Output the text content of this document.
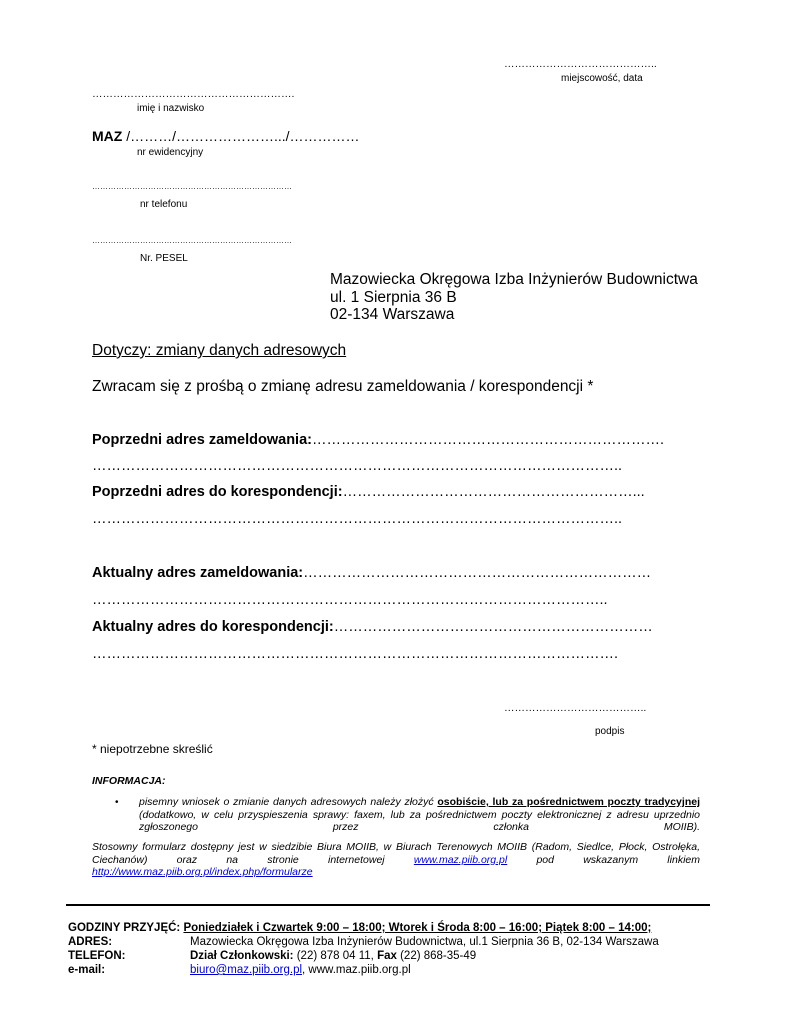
……………………………………..
miejscowość, data
………………………………………………….
imię i nazwisko
MAZ /………/………………….../……………
nr ewidencyjny
…………………………………………………………………
nr telefonu
…………………………………………………………………
Nr. PESEL
Mazowiecka Okręgowa Izba Inżynierów Budownictwa
ul. 1 Sierpnia 36 B
02-134 Warszawa
Dotyczy: zmiany danych adresowych
Zwracam się z prośbą o zmianę adresu zameldowania / korespondencji *
Poprzedni adres zameldowania:……………………………………………………………….
………………………………………………………………………………………………..
Poprzedni adres do korespondencji:……………………………………………………...
………………………………………………………………………………………………..
Aktualny adres zameldowania:………………………………………………………………
……………………………………………………………………………………………..
Aktualny adres do korespondencji:…………………………………………………………
……………………………………………………………………………………………….
…………………………………..
podpis
* niepotrzebne skreślić
INFORMACJA:
• pisemny wniosek o zmianie danych adresowych należy złożyć osobiście, lub za pośrednictwem poczty tradycyjnej (dodatkowo, w celu przyspieszenia sprawy: faxem, lub za pośrednictwem poczty elektronicznej z adresu uprzednio zgłoszonego przez członka MOIIB).
Stosowny formularz dostępny jest w siedzibie Biura MOIIB, w Biurach Terenowych MOIIB (Radom, Siedlce, Płock, Ostrołęka, Ciechanów) oraz na stronie internetowej www.maz.piib.org.pl pod wskazanym linkiem http://www.maz.piib.org.pl/index.php/formularze
GODZINY PRZYJĘĆ: Poniedziałek i Czwartek 9:00 – 18:00; Wtorek i Środa 8:00 – 16:00; Piątek 8:00 – 14:00;
ADRES:	Mazowiecka Okręgowa Izba Inżynierów Budownictwa, ul.1 Sierpnia 36 B, 02-134 Warszawa
TELEFON:	Dział Członkowski: (22) 878 04 11, Fax (22) 868-35-49
e-mail:	biuro@maz.piib.org.pl, www.maz.piib.org.pl
